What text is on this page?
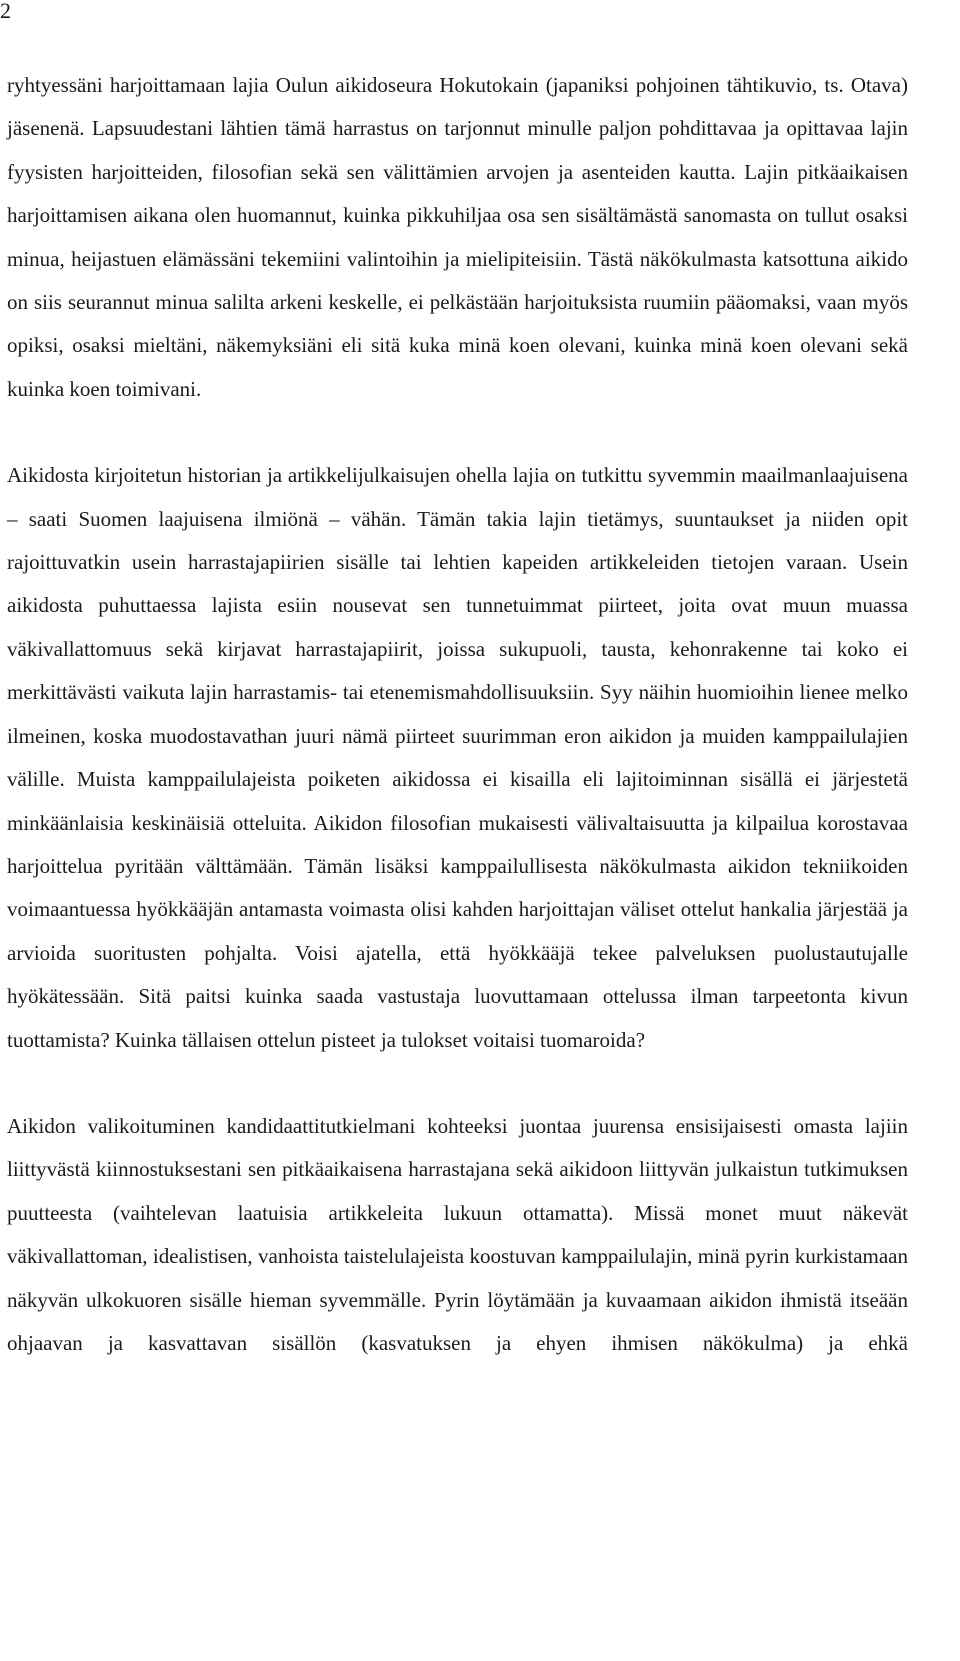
2

ryhtyessäni harjoittamaan lajia Oulun aikidoseura Hokutokain (japaniksi pohjoinen tähtikuvio, ts. Otava) jäsenenä. Lapsuudestani lähtien tämä harrastus on tarjonnut minulle paljon pohdittavaa ja opittavaa lajin fyysisten harjoitteiden, filosofian sekä sen välittämien arvojen ja asenteiden kautta. Lajin pitkäaikaisen harjoittamisen aikana olen huomannut, kuinka pikkuhiljaa osa sen sisältämästä sanomasta on tullut osaksi minua, heijastuen elämässäni tekemiini valintoihin ja mielipiteisiin. Tästä näkökulmasta katsottuna aikido on siis seurannut minua salilta arkeni keskelle, ei pelkästään harjoituksista ruumiin pääomaksi, vaan myös opiksi, osaksi mieltäni, näkemyksiäni eli sitä kuka minä koen olevani, kuinka minä koen olevani sekä kuinka koen toimivani.

Aikidosta kirjoitetun historian ja artikkelijulkaisujen ohella lajia on tutkittu syvemmin maailmanlaajuisena – saati Suomen laajuisena ilmiönä – vähän. Tämän takia lajin tietämys, suuntaukset ja niiden opit rajoittuvatkin usein harrastajapiirien sisälle tai lehtien kapeiden artikkeleiden tietojen varaan. Usein aikidosta puhuttaessa lajista esiin nousevat sen tunnetuimmat piirteet, joita ovat muun muassa väkivallattomuus sekä kirjavat harrastajapiirit, joissa sukupuoli, tausta, kehonrakenne tai koko ei merkittävästi vaikuta lajin harrastamis- tai etenemismahdollisuuksiin. Syy näihin huomioihin lienee melko ilmeinen, koska muodostavathan juuri nämä piirteet suurimman eron aikidon ja muiden kamppailulajien välille. Muista kamppailulajeista poiketen aikidossa ei kisailla eli lajitoiminnan sisällä ei järjestetä minkäänlaisia keskinäisiä otteluita. Aikidon filosofian mukaisesti välivaltaisuutta ja kilpailua korostavaa harjoittelua pyritään välttämään. Tämän lisäksi kamppailullisesta näkökulmasta aikidon tekniikoiden voimaantuessa hyökkääjän antamasta voimasta olisi kahden harjoittajan väliset ottelut hankalia järjestää ja arvioida suoritusten pohjalta. Voisi ajatella, että hyökkääjä tekee palveluksen puolustautujalle hyökätessään. Sitä paitsi kuinka saada vastustaja luovuttamaan ottelussa ilman tarpeetonta kivun tuottamista? Kuinka tällaisen ottelun pisteet ja tulokset voitaisi tuomaroida?

Aikidon valikoituminen kandidaattitutkielmani kohteeksi juontaa juurensa ensisijaisesti omasta lajiin liittyvästä kiinnostuksestani sen pitkäaikaisena harrastajana sekä aikidoon liittyvän julkaistun tutkimuksen puutteesta (vaihtelevan laatuisia artikkeleita lukuun ottamatta). Missä monet muut näkevät väkivallattoman, idealistisen, vanhoista taistelulajeista koostuvan kamppailulajin, minä pyrin kurkistamaan näkyvän ulkokuoren sisälle hieman syvemmälle. Pyrin löytämään ja kuvaamaan aikidon ihmistä itseään ohjaavan ja kasvattavan sisällön (kasvatuksen ja ehyen ihmisen näkökulma) ja ehkä
